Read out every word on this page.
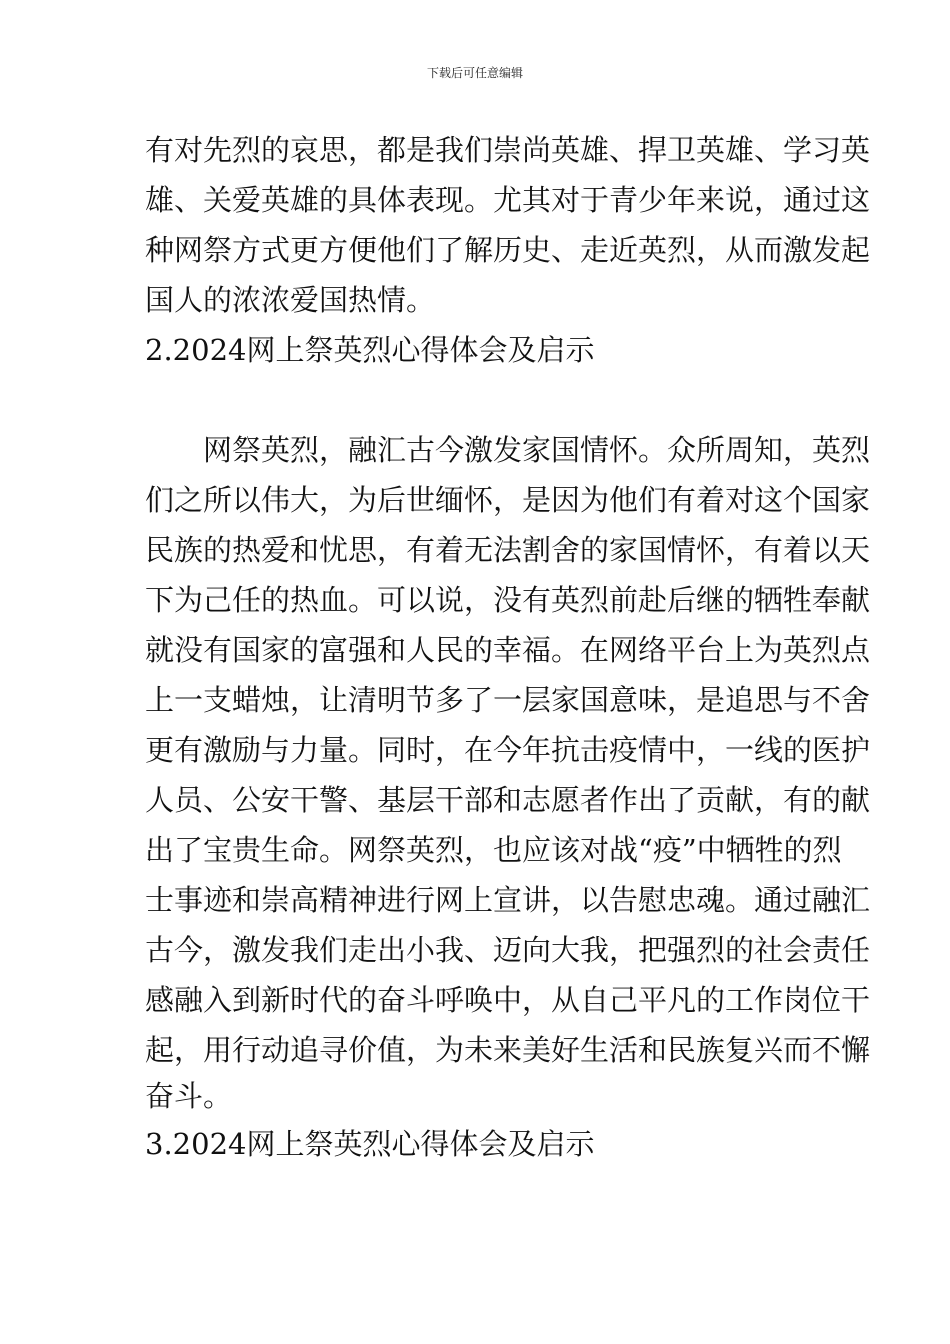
下载后可任意编辑
有对先烈的哀思，都是我们崇尚英雄、捍卫英雄、学习英
雄、关爱英雄的具体表现。尤其对于青少年来说，通过这
种网祭方式更方便他们了解历史、走近英烈，从而激发起
国人的浓浓爱国热情。
2.2024网上祭英烈心得体会及启示
网祭英烈，融汇古今激发家国情怀。众所周知，英烈
们之所以伟大，为后世缅怀，是因为他们有着对这个国家
民族的热爱和忧思，有着无法割舍的家国情怀，有着以天
下为己任的热血。可以说，没有英烈前赴后继的牺牲奉献
就没有国家的富强和人民的幸福。在网络平台上为英烈点
上一支蜡烛，让清明节多了一层家国意味，是追思与不舍
更有激励与力量。同时，在今年抗击疫情中，一线的医护
人员、公安干警、基层干部和志愿者作出了贡献，有的献
出了宝贵生命。网祭英烈，也应该对战“疫”中牺牲的烈
士事迹和崇高精神进行网上宣讲，以告慰忠魂。通过融汇
古今，激发我们走出小我、迈向大我，把强烈的社会责任
感融入到新时代的奋斗呼唤中，从自己平凡的工作岗位干
起，用行动追寻价值，为未来美好生活和民族复兴而不懈
奋斗。
3.2024网上祭英烈心得体会及启示
